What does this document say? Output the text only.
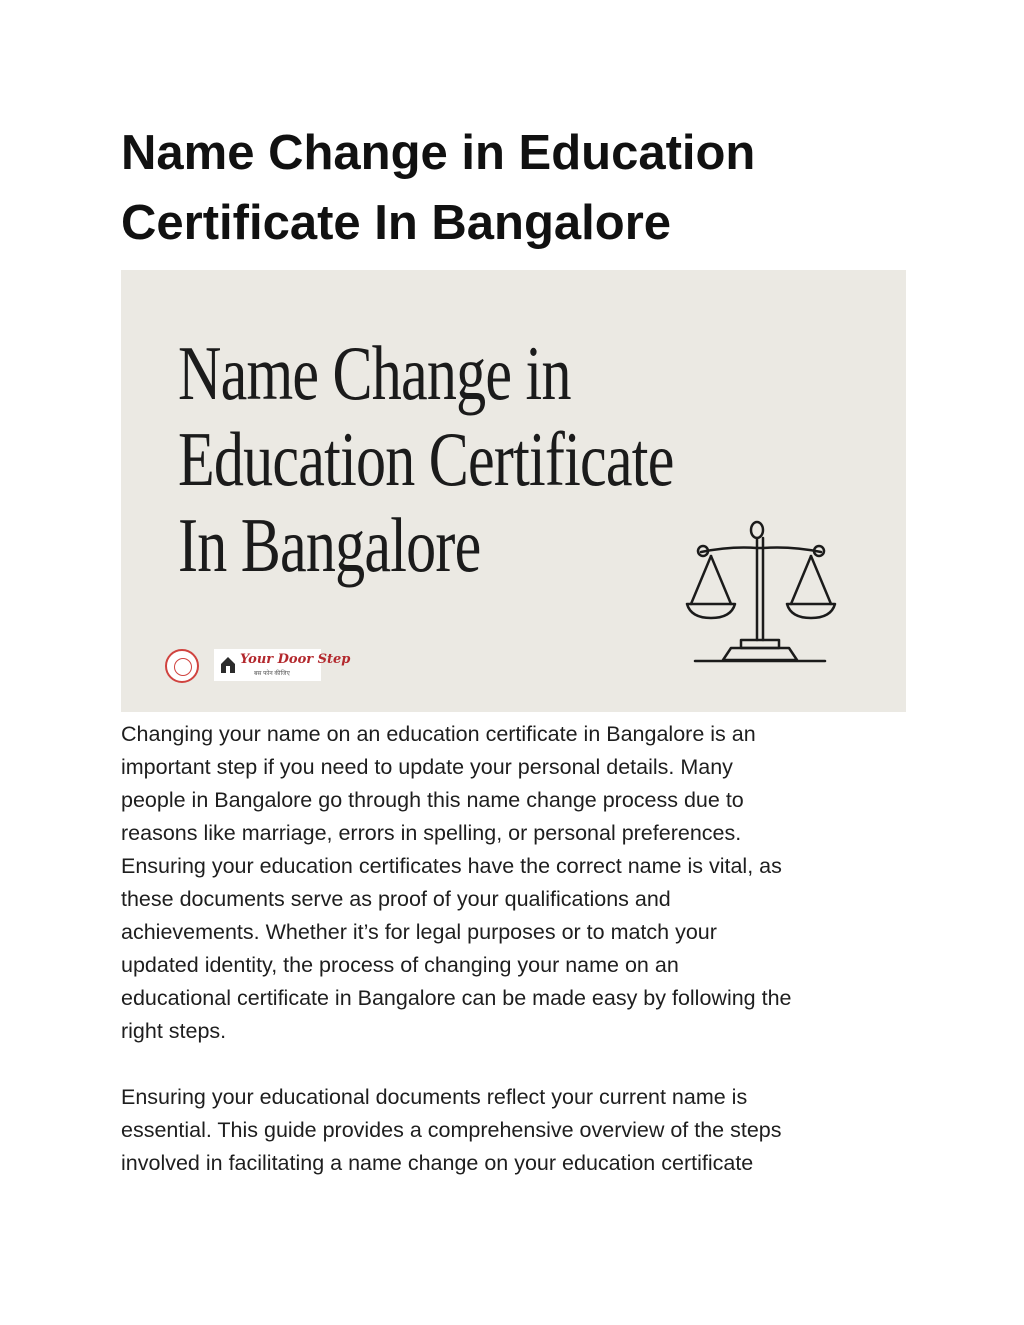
Name Change in Education
Certificate In Bangalore
Name Change in
Education Certificate
In Bangalore
Your Door Step
बस फोन कीजिए

Changing your name on an education certificate in Bangalore is an
important step if you need to update your personal details. Many
people in Bangalore go through this name change process due to
reasons like marriage, errors in spelling, or personal preferences.
Ensuring your education certificates have the correct name is vital, as
these documents serve as proof of your qualifications and
achievements. Whether it’s for legal purposes or to match your
updated identity, the process of changing your name on an
educational certificate in Bangalore can be made easy by following the
right steps.

Ensuring your educational documents reflect your current name is
essential. This guide provides a comprehensive overview of the steps
involved in facilitating a name change on your education certificate
